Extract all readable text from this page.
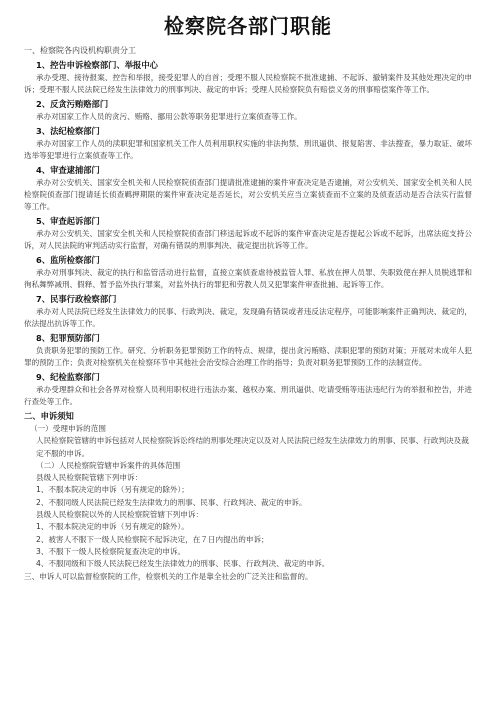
检察院各部门职能

一、检察院各内设机构职责分工

1、控告申诉检察部门、举报中心

承办受理、接待报案、控告和举报，接受犯罪人的自首；受理不服人民检察院不批准逮捕、不起诉、撤销案件及其他处理决定的申诉；受理不服人民法院已经发生法律效力的刑事判决、裁定的申诉；受理人民检察院负有赔偿义务的刑事赔偿案件等工作。

2、反贪污贿赂部门

承办对国家工作人员的贪污、贿赂、挪用公款等职务犯罪进行立案侦查等工作。

3、法纪检察部门

承办对国家工作人员的渎职犯罪和国家机关工作人员利用职权实施的非法拘禁、刑讯逼供、报复陷害、非法搜查，暴力取证、破坏选举等犯罪进行立案侦查等工作。

4、审查逮捕部门

承办对公安机关、国家安全机关和人民检察院侦查部门提请批准逮捕的案件审查决定是否逮捕，对公安机关、国家安全机关和人民检察院侦查部门提请延长侦查羁押期限的案件审查决定是否延长，对公安机关应当立案侦查而不立案的及侦查活动是否合法实行监督等工作。

5、审查起诉部门

承办对公安机关、国家安全机关和人民检察院侦查部门移送起诉或不起诉的案件审查决定是否提起公诉或不起诉，出席法庭支持公诉，对人民法院的审判活动实行监督，对确有错误的刑事判决、裁定提出抗诉等工作。

6、监所检察部门

承办对刑事判决、裁定的执行和监管活动进行监督，直接立案侦查虐待被监管人罪、私放在押人员罪、失职致使在押人员脱逃罪和徇私舞弊减刑、假释、暂予监外执行罪案，对监外执行的罪犯和劳教人员又犯罪案件审查批捕、起诉等工作。

7、民事行政检察部门

承办对人民法院已经发生法律效力的民事、行政判决、裁定，发现确有错误或者违反法定程序，可能影响案件正确判决、裁定的，依法提出抗诉等工作。

8、犯罪预防部门

负责职务犯罪的预防工作。研究、分析职务犯罪预防工作的特点、规律，提出贪污贿赂、渎职犯罪的预防对策；开展对未成年人犯罪的预防工作；负责对检察机关在检察环节中其他社会治安综合治理工作的指导；负责对职务犯罪预防工作的法制宣传。

9、纪检监察部门

承办受理群众和社会各界对检察人员利用职权进行违法办案、越权办案、刑讯逼供、吃请受贿等违法违纪行为的举报和控告，并进行查处等工作。

二、申诉须知

（一）受理申诉的范围

人民检察院管辖的申诉包括对人民检察院诉讼终结的刑事处理决定以及对人民法院已经发生法律效力的刑事、民事、行政判决及裁定不服的申诉。

（二）人民检察院管辖申诉案件的具体范围

县级人民检察院管辖下列申诉：

1、不服本院决定的申诉（另有规定的除外）；

2、不服同级人民法院已经发生法律效力的刑事、民事、行政判决、裁定的申诉。

县级人民检察院以外的人民检察院管辖下列申诉：

1、不服本院决定的申诉（另有规定的除外）。

2、被害人不服下一级人民检察院不起诉决定，在７日内提出的申诉；

3、不服下一级人民检察院复查决定的申诉。

4、不服同级和下级人民法院已经发生法律效力的刑事、民事、行政判决、裁定的申诉。

三、申诉人可以监督检察院的工作，检察机关的工作是靠全社会的广泛关注和监督的。
